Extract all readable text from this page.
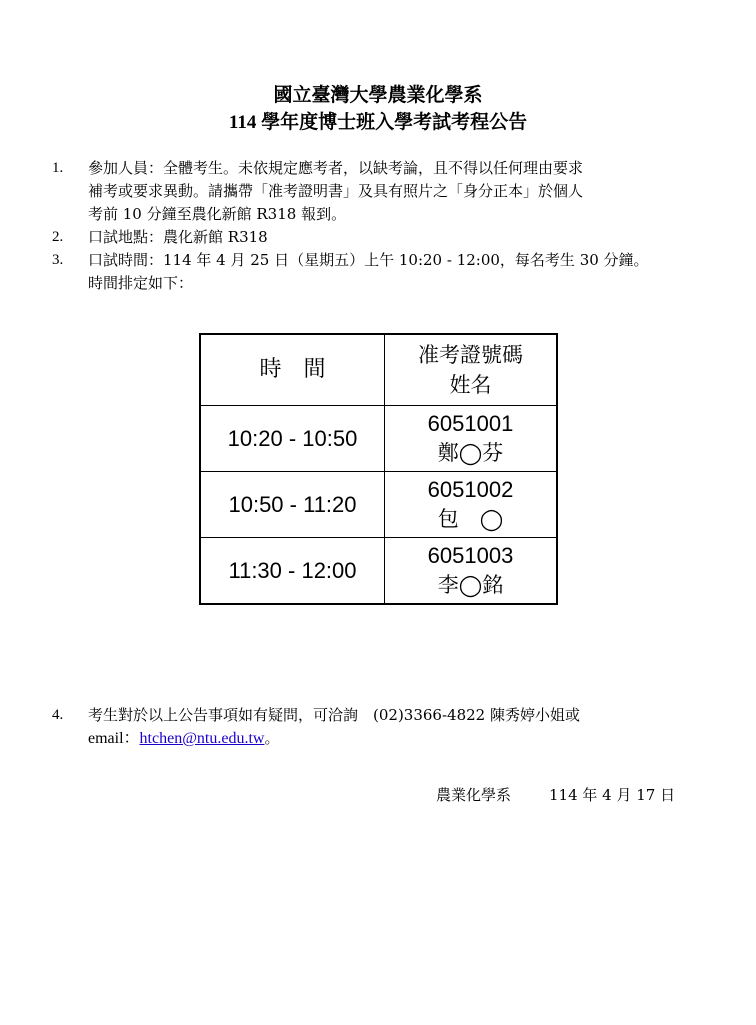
國立臺灣大學農業化學系
114 學年度博士班入學考試考程公告
1. 參加人員：全體考生。未依規定應考者，以缺考論，且不得以任何理由要求
補考或要求異動。請攜帶「准考證明書」及具有照片之「身分正本」於個人
考前 10 分鐘至農化新館 R318 報到。
2. 口試地點：農化新館 R318
3. 口試時間：114 年 4 月 25 日（星期五）上午 10:20 - 12:00，每名考生 30 分鐘。
時間排定如下：
時　間	准考證號碼
姓名

10:20 - 10:50	6051001
鄭◯芬

10:50 - 11:20	6051002
包　◯

11:30 - 12:00	6051003
李◯銘
4. 考生對於以上公告事項如有疑問，可洽詢　(02)3366-4822 陳秀婷小姐或
email：htchen@ntu.edu.tw。
農業化學系	114 年 4 月 17 日
